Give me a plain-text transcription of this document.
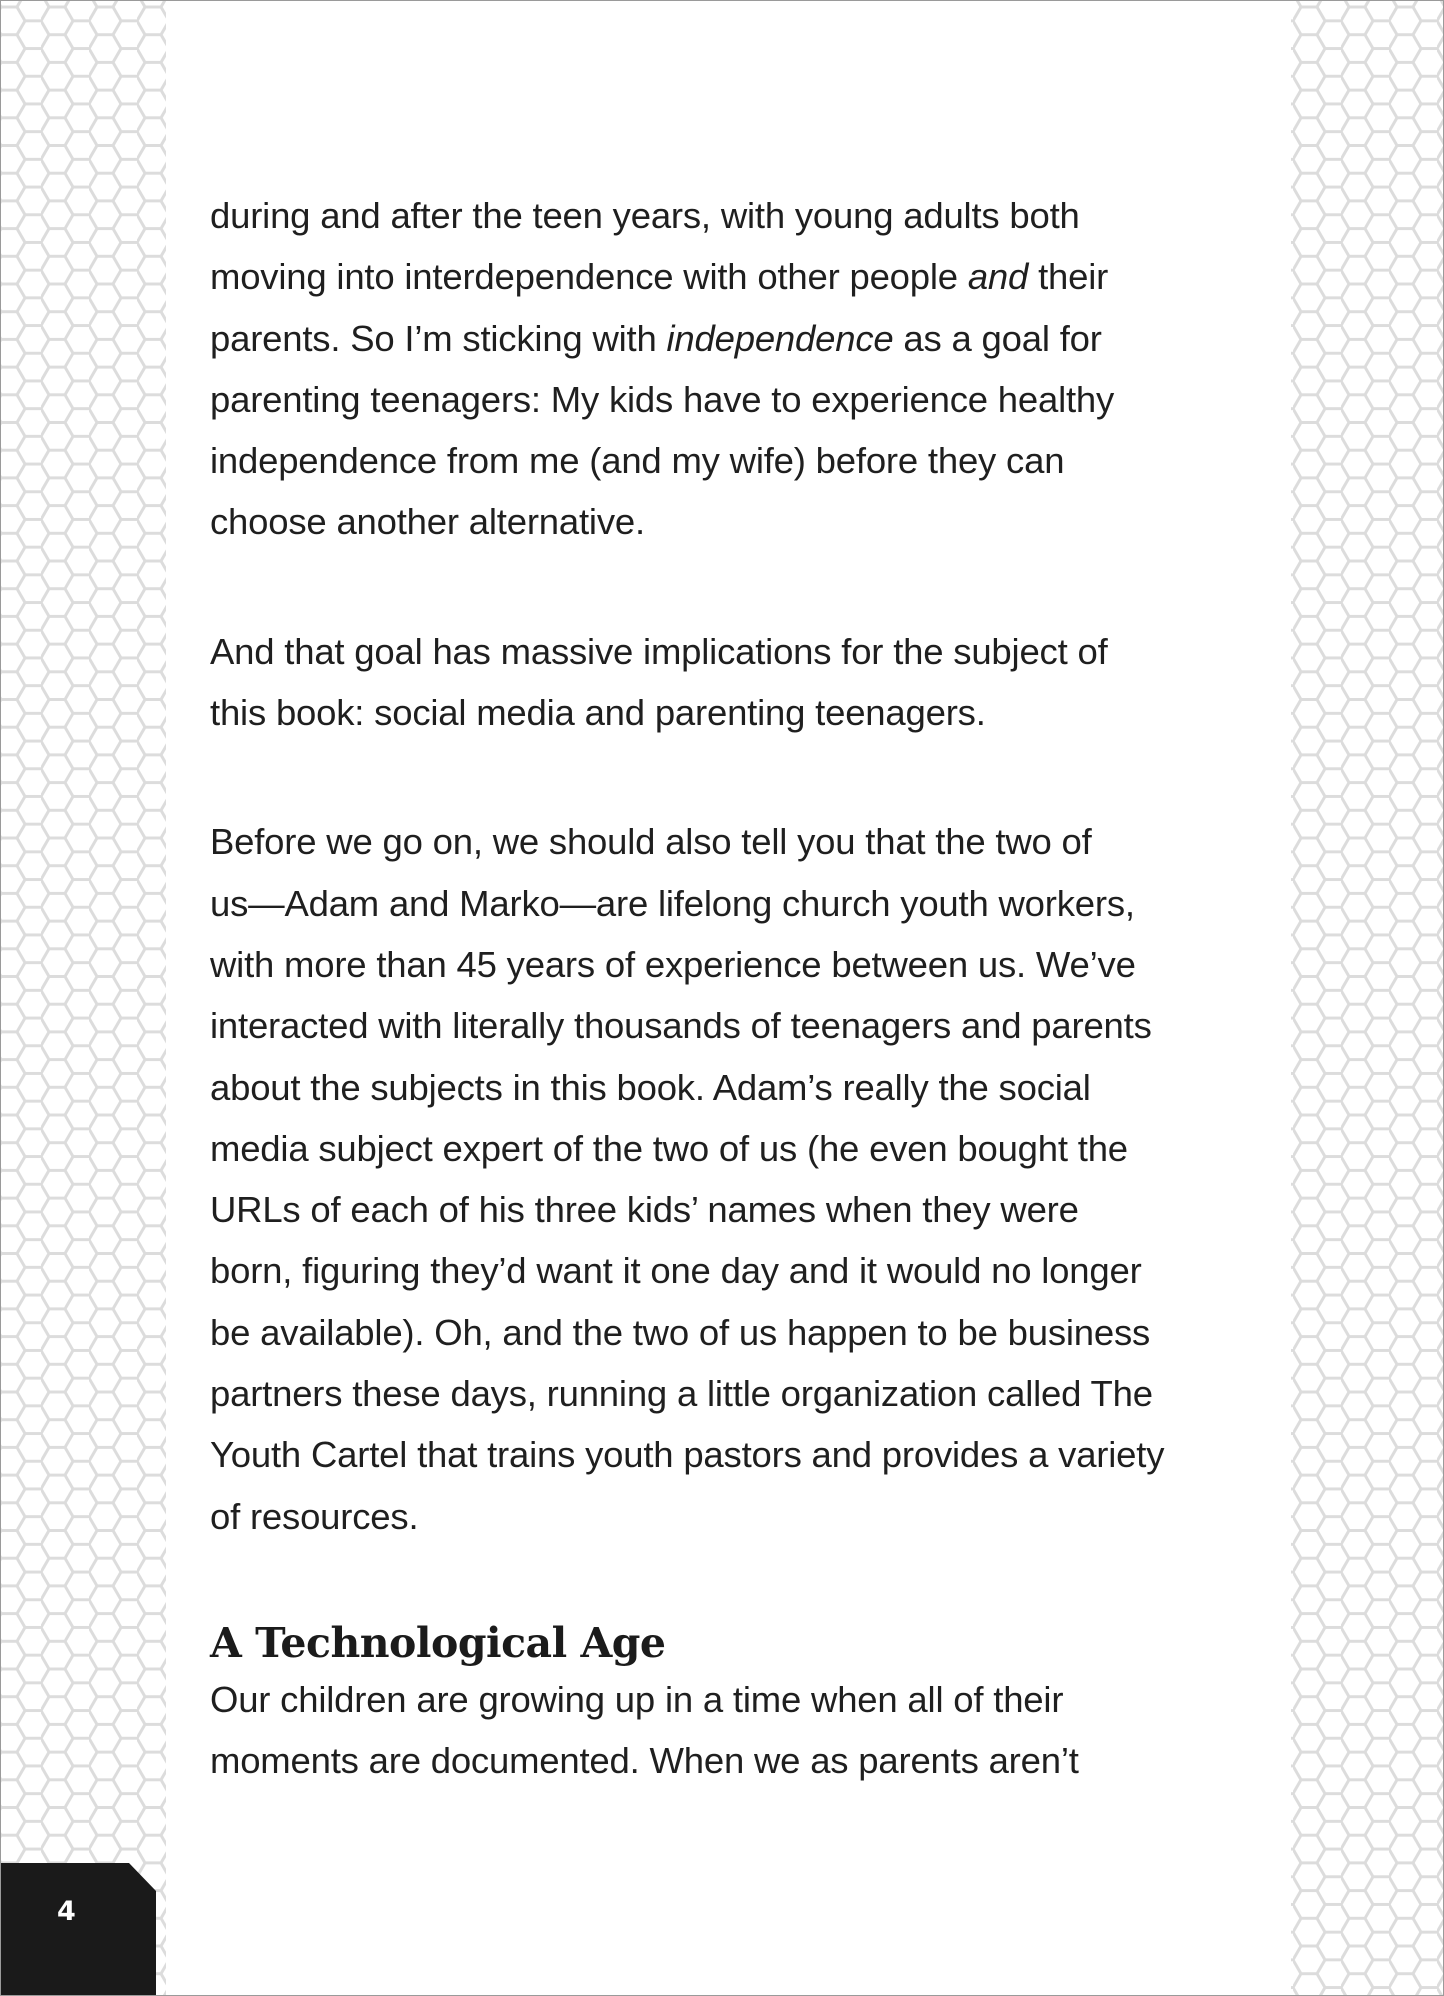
during and after the teen years, with young adults both
moving into interdependence with other people and their
parents. So I’m sticking with independence as a goal for
parenting teenagers: My kids have to experience healthy
independence from me (and my wife) before they can
choose another alternative.

And that goal has massive implications for the subject of
this book: social media and parenting teenagers.

Before we go on, we should also tell you that the two of
us—Adam and Marko—are lifelong church youth workers,
with more than 45 years of experience between us. We’ve
interacted with literally thousands of teenagers and parents
about the subjects in this book. Adam’s really the social
media subject expert of the two of us (he even bought the
URLs of each of his three kids’ names when they were
born, figuring they’d want it one day and it would no longer
be available). Oh, and the two of us happen to be business
partners these days, running a little organization called The
Youth Cartel that trains youth pastors and provides a variety
of resources.

A Technological Age

Our children are growing up in a time when all of their
moments are documented. When we as parents aren’t

4
